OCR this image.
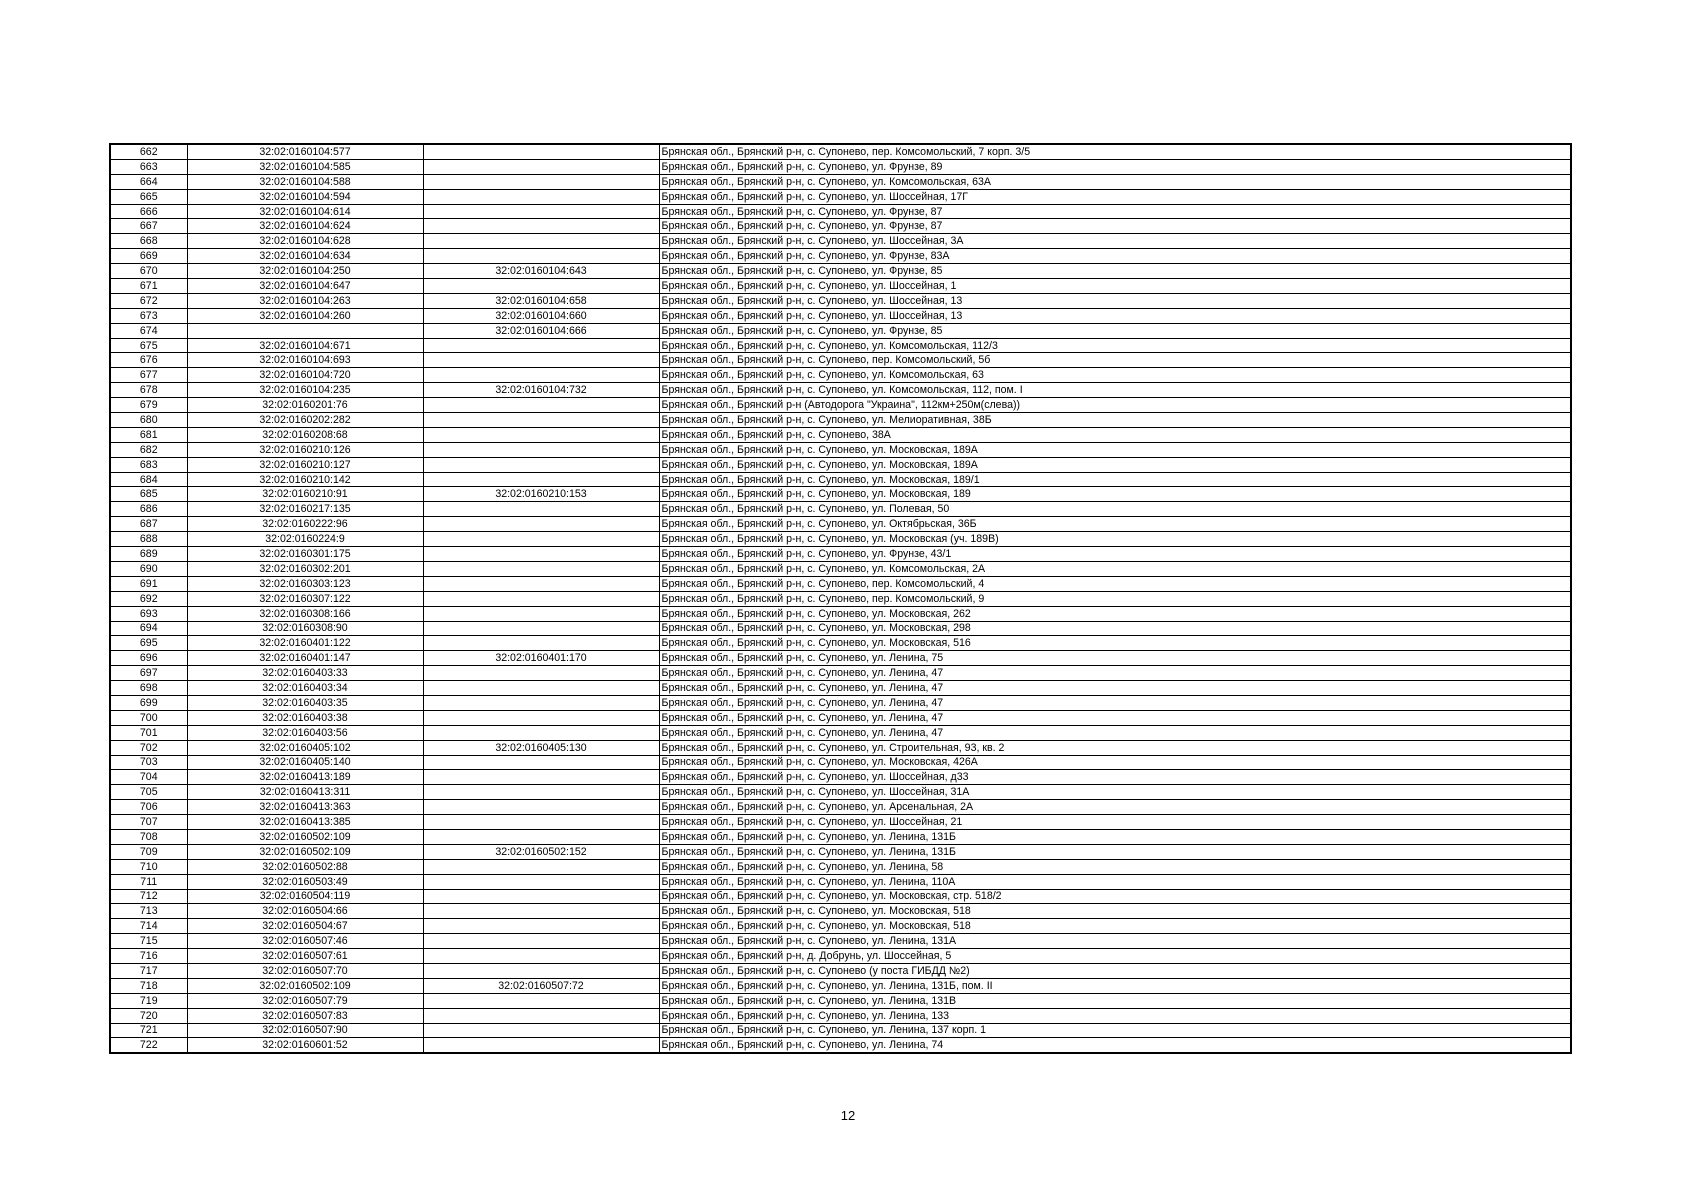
662	32:02:0160104:577		Брянская обл., Брянский р-н, с. Супонево, пер. Комсомольский, 7 корп. 3/5
663	32:02:0160104:585		Брянская обл., Брянский р-н, с. Супонево, ул. Фрунзе, 89
664	32:02:0160104:588		Брянская обл., Брянский р-н, с. Супонево, ул. Комсомольская, 63А
665	32:02:0160104:594		Брянская обл., Брянский р-н, с. Супонево, ул. Шоссейная, 17Г
666	32:02:0160104:614		Брянская обл., Брянский р-н, с. Супонево, ул. Фрунзе, 87
667	32:02:0160104:624		Брянская обл., Брянский р-н, с. Супонево, ул. Фрунзе, 87
668	32:02:0160104:628		Брянская обл., Брянский р-н, с. Супонево, ул. Шоссейная, 3А
669	32:02:0160104:634		Брянская обл., Брянский р-н, с. Супонево, ул. Фрунзе, 83А
670	32:02:0160104:250	32:02:0160104:643	Брянская обл., Брянский р-н, с. Супонево, ул. Фрунзе, 85
671	32:02:0160104:647		Брянская обл., Брянский р-н, с. Супонево, ул. Шоссейная, 1
672	32:02:0160104:263	32:02:0160104:658	Брянская обл., Брянский р-н, с. Супонево, ул. Шоссейная, 13
673	32:02:0160104:260	32:02:0160104:660	Брянская обл., Брянский р-н, с. Супонево, ул. Шоссейная, 13
674		32:02:0160104:666	Брянская обл., Брянский р-н, с. Супонево, ул. Фрунзе, 85
675	32:02:0160104:671		Брянская обл., Брянский р-н, с. Супонево, ул. Комсомольская, 112/3
676	32:02:0160104:693		Брянская обл., Брянский р-н, с. Супонево, пер. Комсомольский, 5б
677	32:02:0160104:720		Брянская обл., Брянский р-н, с. Супонево, ул. Комсомольская, 63
678	32:02:0160104:235	32:02:0160104:732	Брянская обл., Брянский р-н, с. Супонево, ул. Комсомольская, 112, пом. I
679	32:02:0160201:76		Брянская обл., Брянский р-н (Автодорога "Украина", 112км+250м(слева))
680	32:02:0160202:282		Брянская обл., Брянский р-н, с. Супонево, ул. Мелиоративная, 38Б
681	32:02:0160208:68		Брянская обл., Брянский р-н, с. Супонево, 38А
682	32:02:0160210:126		Брянская обл., Брянский р-н, с. Супонево, ул. Московская, 189А
683	32:02:0160210:127		Брянская обл., Брянский р-н, с. Супонево, ул. Московская, 189А
684	32:02:0160210:142		Брянская обл., Брянский р-н, с. Супонево, ул. Московская, 189/1
685	32:02:0160210:91	32:02:0160210:153	Брянская обл., Брянский р-н, с. Супонево, ул. Московская, 189
686	32:02:0160217:135		Брянская обл., Брянский р-н, с. Супонево, ул. Полевая, 50
687	32:02:0160222:96		Брянская обл., Брянский р-н, с. Супонево, ул. Октябрьская, 36Б
688	32:02:0160224:9		Брянская обл., Брянский р-н, с. Супонево, ул. Московская (уч. 189В)
689	32:02:0160301:175		Брянская обл., Брянский р-н, с. Супонево, ул. Фрунзе, 43/1
690	32:02:0160302:201		Брянская обл., Брянский р-н, с. Супонево, ул. Комсомольская, 2А
691	32:02:0160303:123		Брянская обл., Брянский р-н, с. Супонево, пер. Комсомольский, 4
692	32:02:0160307:122		Брянская обл., Брянский р-н, с. Супонево, пер. Комсомольский, 9
693	32:02:0160308:166		Брянская обл., Брянский р-н, с. Супонево, ул. Московская, 262
694	32:02:0160308:90		Брянская обл., Брянский р-н, с. Супонево, ул. Московская, 298
695	32:02:0160401:122		Брянская обл., Брянский р-н, с. Супонево, ул. Московская, 516
696	32:02:0160401:147	32:02:0160401:170	Брянская обл., Брянский р-н, с. Супонево, ул. Ленина, 75
697	32:02:0160403:33		Брянская обл., Брянский р-н, с. Супонево, ул. Ленина, 47
698	32:02:0160403:34		Брянская обл., Брянский р-н, с. Супонево, ул. Ленина, 47
699	32:02:0160403:35		Брянская обл., Брянский р-н, с. Супонево, ул. Ленина, 47
700	32:02:0160403:38		Брянская обл., Брянский р-н, с. Супонево, ул. Ленина, 47
701	32:02:0160403:56		Брянская обл., Брянский р-н, с. Супонево, ул. Ленина, 47
702	32:02:0160405:102	32:02:0160405:130	Брянская обл., Брянский р-н, с. Супонево, ул. Строительная, 93, кв. 2
703	32:02:0160405:140		Брянская обл., Брянский р-н, с. Супонево, ул. Московская, 426А
704	32:02:0160413:189		Брянская обл., Брянский р-н, с. Супонево, ул. Шоссейная, д33
705	32:02:0160413:311		Брянская обл., Брянский р-н, с. Супонево, ул. Шоссейная, 31А
706	32:02:0160413:363		Брянская обл., Брянский р-н, с. Супонево, ул. Арсенальная, 2А
707	32:02:0160413:385		Брянская обл., Брянский р-н, с. Супонево, ул. Шоссейная, 21
708	32:02:0160502:109		Брянская обл., Брянский р-н, с. Супонево, ул. Ленина, 131Б
709	32:02:0160502:109	32:02:0160502:152	Брянская обл., Брянский р-н, с. Супонево, ул. Ленина, 131Б
710	32:02:0160502:88		Брянская обл., Брянский р-н, с. Супонево, ул. Ленина, 58
711	32:02:0160503:49		Брянская обл., Брянский р-н, с. Супонево, ул. Ленина, 110А
712	32:02:0160504:119		Брянская обл., Брянский р-н, с. Супонево, ул. Московская, стр. 518/2
713	32:02:0160504:66		Брянская обл., Брянский р-н, с. Супонево, ул. Московская, 518
714	32:02:0160504:67		Брянская обл., Брянский р-н, с. Супонево, ул. Московская, 518
715	32:02:0160507:46		Брянская обл., Брянский р-н, с. Супонево, ул. Ленина, 131А
716	32:02:0160507:61		Брянская обл., Брянский р-н, д. Добрунь, ул. Шоссейная, 5
717	32:02:0160507:70		Брянская обл., Брянский р-н, с. Супонево (у поста ГИБДД №2)
718	32:02:0160502:109	32:02:0160507:72	Брянская обл., Брянский р-н, с. Супонево, ул. Ленина, 131Б, пом. II
719	32:02:0160507:79		Брянская обл., Брянский р-н, с. Супонево, ул. Ленина, 131В
720	32:02:0160507:83		Брянская обл., Брянский р-н, с. Супонево, ул. Ленина, 133
721	32:02:0160507:90		Брянская обл., Брянский р-н, с. Супонево, ул. Ленина, 137 корп. 1
722	32:02:0160601:52		Брянская обл., Брянский р-н, с. Супонево, ул. Ленина, 74
12
